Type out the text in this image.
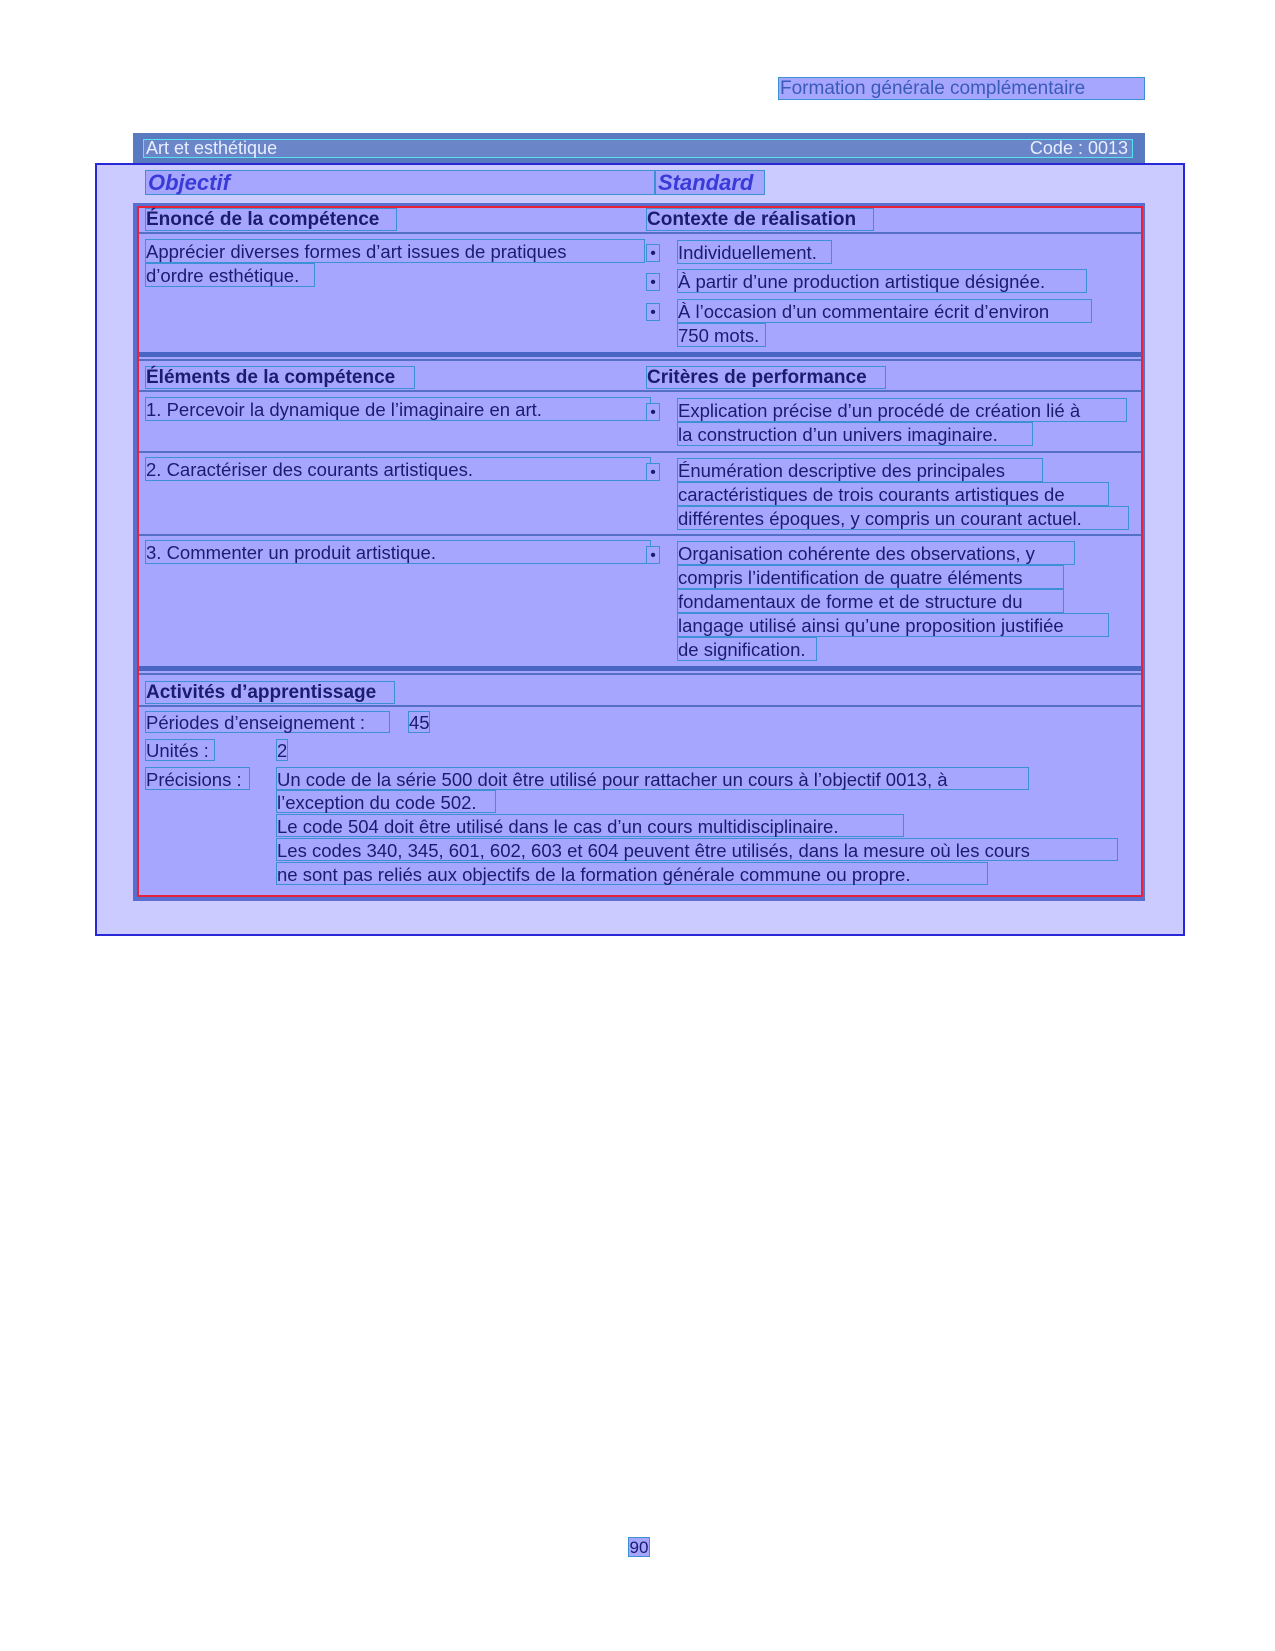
Formation générale complémentaire
Art et esthétique	Code : 0013
Objectif	Standard
Énoncé de la compétence	Contexte de réalisation
Apprécier diverses formes d’art issues de pratiques
d’ordre esthétique.
• Individuellement.
• À partir d’une production artistique désignée.
• À l’occasion d’un commentaire écrit d’environ
750 mots.
Éléments de la compétence	Critères de performance
1. Percevoir la dynamique de l’imaginaire en art.	• Explication précise d’un procédé de création lié à
la construction d’un univers imaginaire.
2. Caractériser des courants artistiques.	• Énumération descriptive des principales
caractéristiques de trois courants artistiques de
différentes époques, y compris un courant actuel.
3. Commenter un produit artistique.	• Organisation cohérente des observations, y
compris l’identification de quatre éléments
fondamentaux de forme et de structure du
langage utilisé ainsi qu’une proposition justifiée
de signification.
Activités d’apprentissage
Périodes d’enseignement :	45
Unités :	2
Précisions :	Un code de la série 500 doit être utilisé pour rattacher un cours à l’objectif 0013, à
l’exception du code 502.
Le code 504 doit être utilisé dans le cas d’un cours multidisciplinaire.
Les codes 340, 345, 601, 602, 603 et 604 peuvent être utilisés, dans la mesure où les cours
ne sont pas reliés aux objectifs de la formation générale commune ou propre.
90
